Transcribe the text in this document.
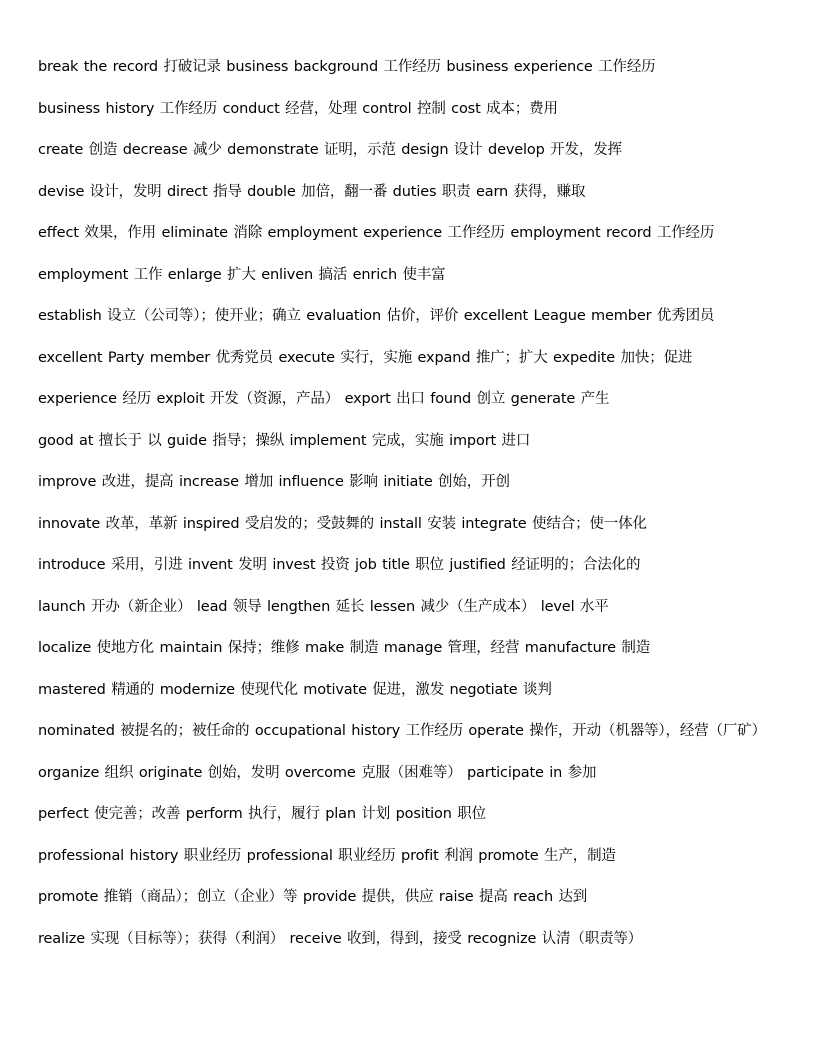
break the record 打破记录 business background 工作经历 business experience 工作经历

business history 工作经历 conduct 经营，处理 control 控制 cost 成本；费用

create 创造 decrease 减少 demonstrate 证明，示范 design 设计 develop 开发，发挥

devise 设计，发明 direct 指导 double 加倍，翻一番 duties 职责 earn 获得，赚取

effect 效果，作用 eliminate 消除 employment experience 工作经历 employment record 工作经历

employment 工作 enlarge 扩大 enliven 搞活 enrich 使丰富

establish 设立（公司等）；使开业；确立 evaluation 估价，评价 excellent League member 优秀团员

excellent Party member 优秀党员 execute 实行，实施 expand 推广；扩大 expedite 加快；促进

experience 经历 exploit 开发（资源，产品） export 出口 found 创立 generate 产生

good at 擅长于 以 guide 指导；操纵 implement 完成，实施 import 进口

improve 改进，提高 increase 增加 influence 影响 initiate 创始，开创

innovate 改革，革新 inspired 受启发的；受鼓舞的 install 安装 integrate 使结合；使一体化

introduce 采用，引进 invent 发明 invest 投资 job title 职位 justified 经证明的；合法化的

launch 开办（新企业） lead 领导 lengthen 延长 lessen 减少（生产成本） level 水平

localize 使地方化 maintain 保持；维修 make 制造 manage 管理，经营 manufacture 制造

mastered 精通的 modernize 使现代化 motivate 促进，激发 negotiate 谈判

nominated 被提名的；被任命的 occupational history 工作经历 operate 操作，开动（机器等），经营（厂矿）

organize 组织 originate 创始，发明 overcome 克服（困难等） participate in 参加

perfect 使完善；改善 perform 执行，履行 plan 计划 position 职位

professional history 职业经历 professional 职业经历 profit 利润 promote 生产，制造

promote 推销（商品）；创立（企业）等 provide 提供，供应 raise 提高 reach 达到

realize 实现（目标等）；获得（利润） receive 收到，得到，接受 recognize 认清（职责等）
